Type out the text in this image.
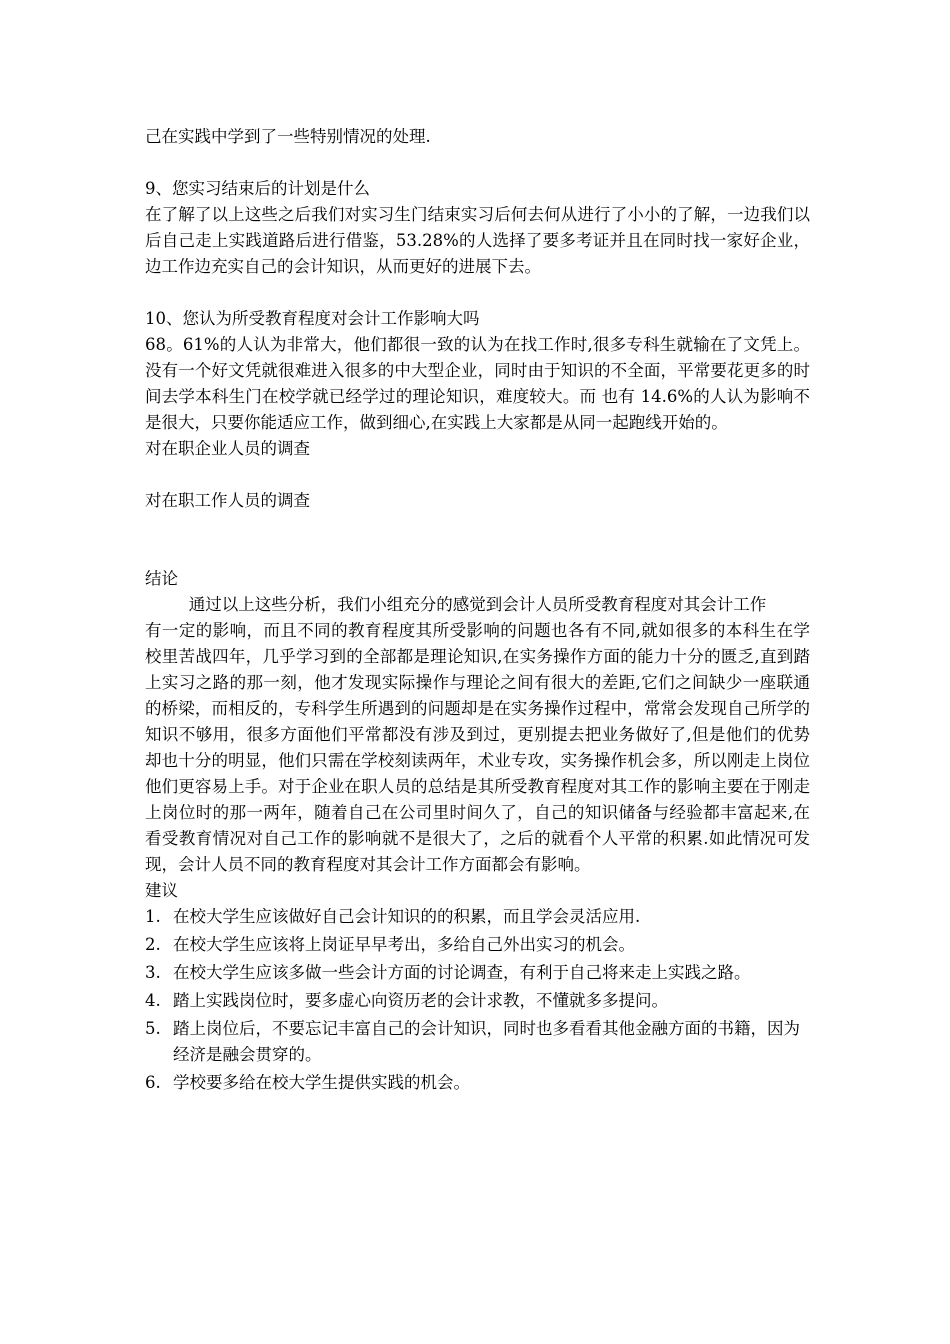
己在实践中学到了一些特别情况的处理.

9、您实习结束后的计划是什么

在了解了以上这些之后我们对实习生门结束实习后何去何从进行了小小的了解，一边我们以后自己走上实践道路后进行借鉴，53.28%的人选择了要多考证并且在同时找一家好企业，边工作边充实自己的会计知识，从而更好的进展下去。

10、您认为所受教育程度对会计工作影响大吗

68。61%的人认为非常大，他们都很一致的认为在找工作时,很多专科生就输在了文凭上。没有一个好文凭就很难进入很多的中大型企业，同时由于知识的不全面，平常要花更多的时间去学本科生门在校学就已经学过的理论知识，难度较大。而 也有 14.6%的人认为影响不是很大，只要你能适应工作，做到细心,在实践上大家都是从同一起跑线开始的。

对在职企业人员的调查

对在职工作人员的调查

结论

通过以上这些分析，我们小组充分的感觉到会计人员所受教育程度对其会计工作

有一定的影响，而且不同的教育程度其所受影响的问题也各有不同,就如很多的本科生在学校里苦战四年，几乎学习到的全部都是理论知识,在实务操作方面的能力十分的匮乏,直到踏上实习之路的那一刻，他才发现实际操作与理论之间有很大的差距,它们之间缺少一座联通的桥梁，而相反的，专科学生所遇到的问题却是在实务操作过程中，常常会发现自己所学的知识不够用，很多方面他们平常都没有涉及到过，更别提去把业务做好了,但是他们的优势却也十分的明显，他们只需在学校刻读两年，术业专攻，实务操作机会多，所以刚走上岗位他们更容易上手。对于企业在职人员的总结是其所受教育程度对其工作的影响主要在于刚走上岗位时的那一两年，随着自己在公司里时间久了，自己的知识储备与经验都丰富起来,在看受教育情况对自己工作的影响就不是很大了，之后的就看个人平常的积累.如此情况可发现，会计人员不同的教育程度对其会计工作方面都会有影响。

建议

1. 在校大学生应该做好自己会计知识的的积累，而且学会灵活应用.
2. 在校大学生应该将上岗证早早考出，多给自己外出实习的机会。
3. 在校大学生应该多做一些会计方面的讨论调查，有利于自己将来走上实践之路。
4. 踏上实践岗位时，要多虚心向资历老的会计求教，不懂就多多提问。
5. 踏上岗位后，不要忘记丰富自己的会计知识，同时也多看看其他金融方面的书籍，因为经济是融会贯穿的。
6. 学校要多给在校大学生提供实践的机会。
